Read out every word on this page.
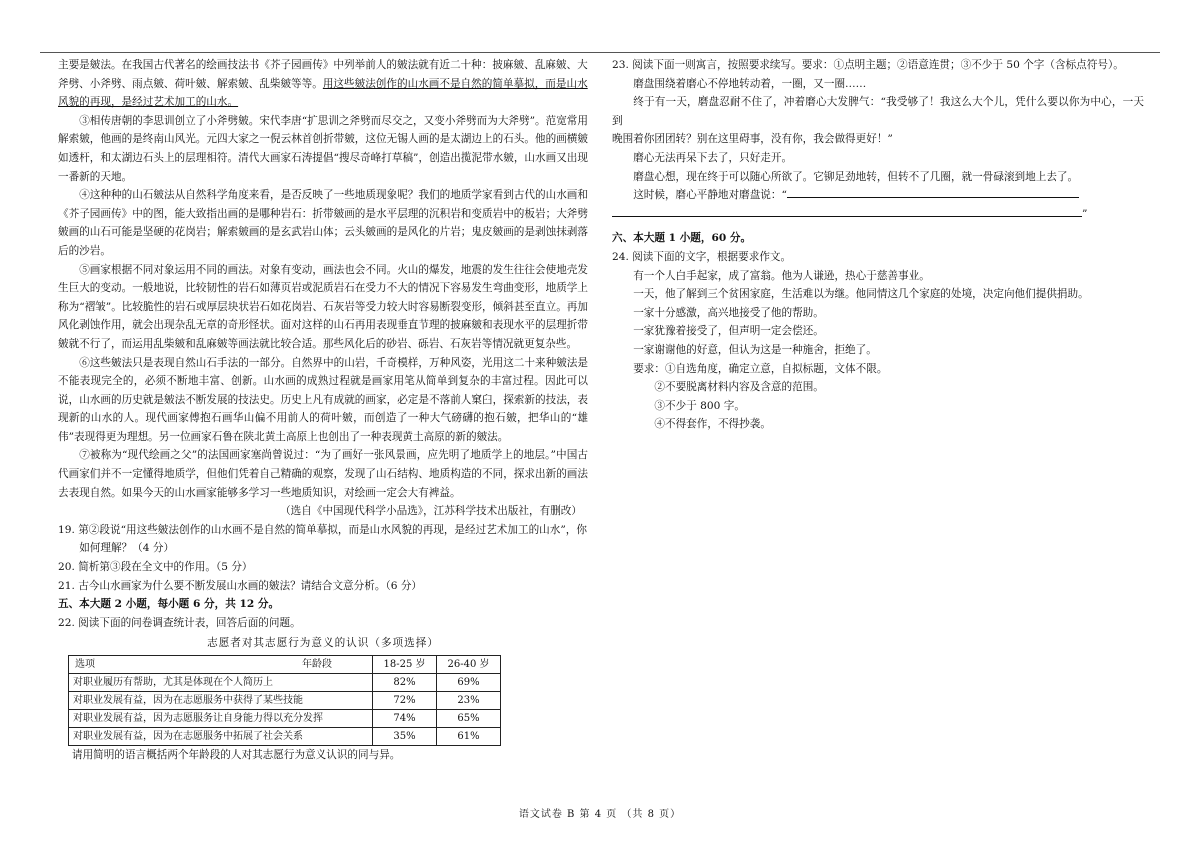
主要是皴法。在我国古代著名的绘画技法书《芥子园画传》中列举前人的皴法就有近二十种：披麻皴、乱麻皴、大

斧劈、小斧劈、雨点皴、荷叶皴、解索皴、乱柴皴等等。用这些皴法创作的山水画不是自然的简单摹拟，而是山水

风貌的再现，是经过艺术加工的山水。

③相传唐朝的李思训创立了小斧劈皴。宋代李唐“扩思训之斧劈而尽交之，又变小斧劈而为大斧劈”。范宽常用解索皴，他画的是终南山风光。元四大家之一倪云林首创折带皴，这位无锡人画的是太湖边上的石头。他的画横皴如透杆，和太湖边石头上的层理相符。清代大画家石涛提倡“搜尽奇峰打草稿”，创造出揽泥带水皴，山水画又出现一番新的天地。

④这种种的山石皴法从自然科学角度来看，是否反映了一些地质现象呢？我们的地质学家看到古代的山水画和《芥子园画传》中的图，能大致指出画的是哪种岩石：折带皴画的是水平层理的沉积岩和变质岩中的板岩；大斧劈皴画的山石可能是坚硬的花岗岩；解索皴画的是玄武岩山体；云头皴画的是风化的片岩；鬼皮皴画的是剥蚀抹剥落后的沙岩。

⑤画家根据不同对象运用不同的画法。对象有变动，画法也会不同。火山的爆发，地震的发生往往会使地壳发生巨大的变动。一般地说，比较韧性的岩石如薄页岩或泥质岩石在受力不大的情况下容易发生弯曲变形，地质学上称为“褶皱”。比较脆性的岩石或厚层块状岩石如花岗岩、石灰岩等受力较大时容易断裂变形，倾斜甚至直立。再加风化剥蚀作用，就会出现杂乱无章的奇形怪状。面对这样的山石再用表现垂直节理的披麻皴和表现水平的层理折带皴就不行了，而运用乱柴皴和乱麻皴等画法就比较合适。那些风化后的砂岩、砾岩、石灰岩等情况就更复杂些。

⑥这些皴法只是表现自然山石手法的一部分。自然界中的山岩，千奇模样，万种风姿，光用这二十来种皴法是不能表现完全的，必须不断地丰富、创新。山水画的成熟过程就是画家用笔从简单到复杂的丰富过程。因此可以说，山水画的历史就是皴法不断发展的技法史。历史上凡有成就的画家，必定是不落前人窠臼，探索新的技法，表现新的山水的人。现代画家傅抱石画华山偏不用前人的荷叶皴，而创造了一种大气磅礴的抱石皴，把华山的“雄伟”表现得更为理想。另一位画家石鲁在陕北黄土高原上也创出了一种表现黄土高原的新的皴法。

⑦被称为“现代绘画之父”的法国画家塞尚曾说过：“为了画好一张风景画，应先明了地质学上的地层。”中国古代画家们并不一定懂得地质学，但他们凭着自己精确的观察，发现了山石结构、地质构造的不同，探求出新的画法去表现自然。如果今天的山水画家能够多学习一些地质知识，对绘画一定会大有裨益。

（选自《中国现代科学小品选》，江苏科学技术出版社，有删改）

19. 第②段说“用这些皴法创作的山水画不是自然的简单摹拟，而是山水风貌的再现，是经过艺术加工的山水”，你

如何理解？（4 分）

20. 简析第③段在全文中的作用。（5 分）

21. 古今山水画家为什么要不断发展山水画的皴法？请结合文意分析。（6 分）

五、本大题 2 小题，每小题 6 分，共 12 分。

22. 阅读下面的问卷调查统计表，回答后面的问题。

志愿者对其志愿行为意义的认识（多项选择）

选项 年龄段	18-25 岁	26-40 岁
对职业履历有帮助，尤其是体现在个人简历上	82%	69%
对职业发展有益，因为在志愿服务中获得了某些技能	72%	23%
对职业发展有益，因为志愿服务让自身能力得以充分发挥	74%	65%
对职业发展有益，因为在志愿服务中拓展了社会关系	35%	61%

请用简明的语言概括两个年龄段的人对其志愿行为意义认识的同与异。

23. 阅读下面一则寓言，按照要求续写。要求：①点明主题；②语意连贯；③不少于 50 个字（含标点符号）。

磨盘围绕着磨心不停地转动着，一圈，又一圈……

终于有一天，磨盘忍耐不住了，冲着磨心大发脾气：“我受够了！我这么大个儿，凭什么要以你为中心，一天到

晚围着你团团转？别在这里碍事，没有你，我会做得更好！”

磨心无法再呆下去了，只好走开。

磨盘心想，现在终于可以随心所欲了。它铆足劲地转，但转不了几圈，就一骨碌滚到地上去了。

这时候，磨心平静地对磨盘说：“

”

六、本大题 1 小题，60 分。

24. 阅读下面的文字，根据要求作文。

有一个人白手起家，成了富翁。他为人谦逊，热心于慈善事业。

一天，他了解到三个贫困家庭，生活难以为继。他同情这几个家庭的处境，决定向他们提供捐助。

一家十分感激，高兴地接受了他的帮助。

一家犹豫着接受了，但声明一定会偿还。

一家谢谢他的好意，但认为这是一种施舍，拒绝了。

要求：①自选角度，确定立意，自拟标题，文体不限。

②不要脱离材料内容及含意的范围。

③不少于 800 字。

④不得套作，不得抄袭。

语文试卷 B 第 4 页 （共 8 页）
